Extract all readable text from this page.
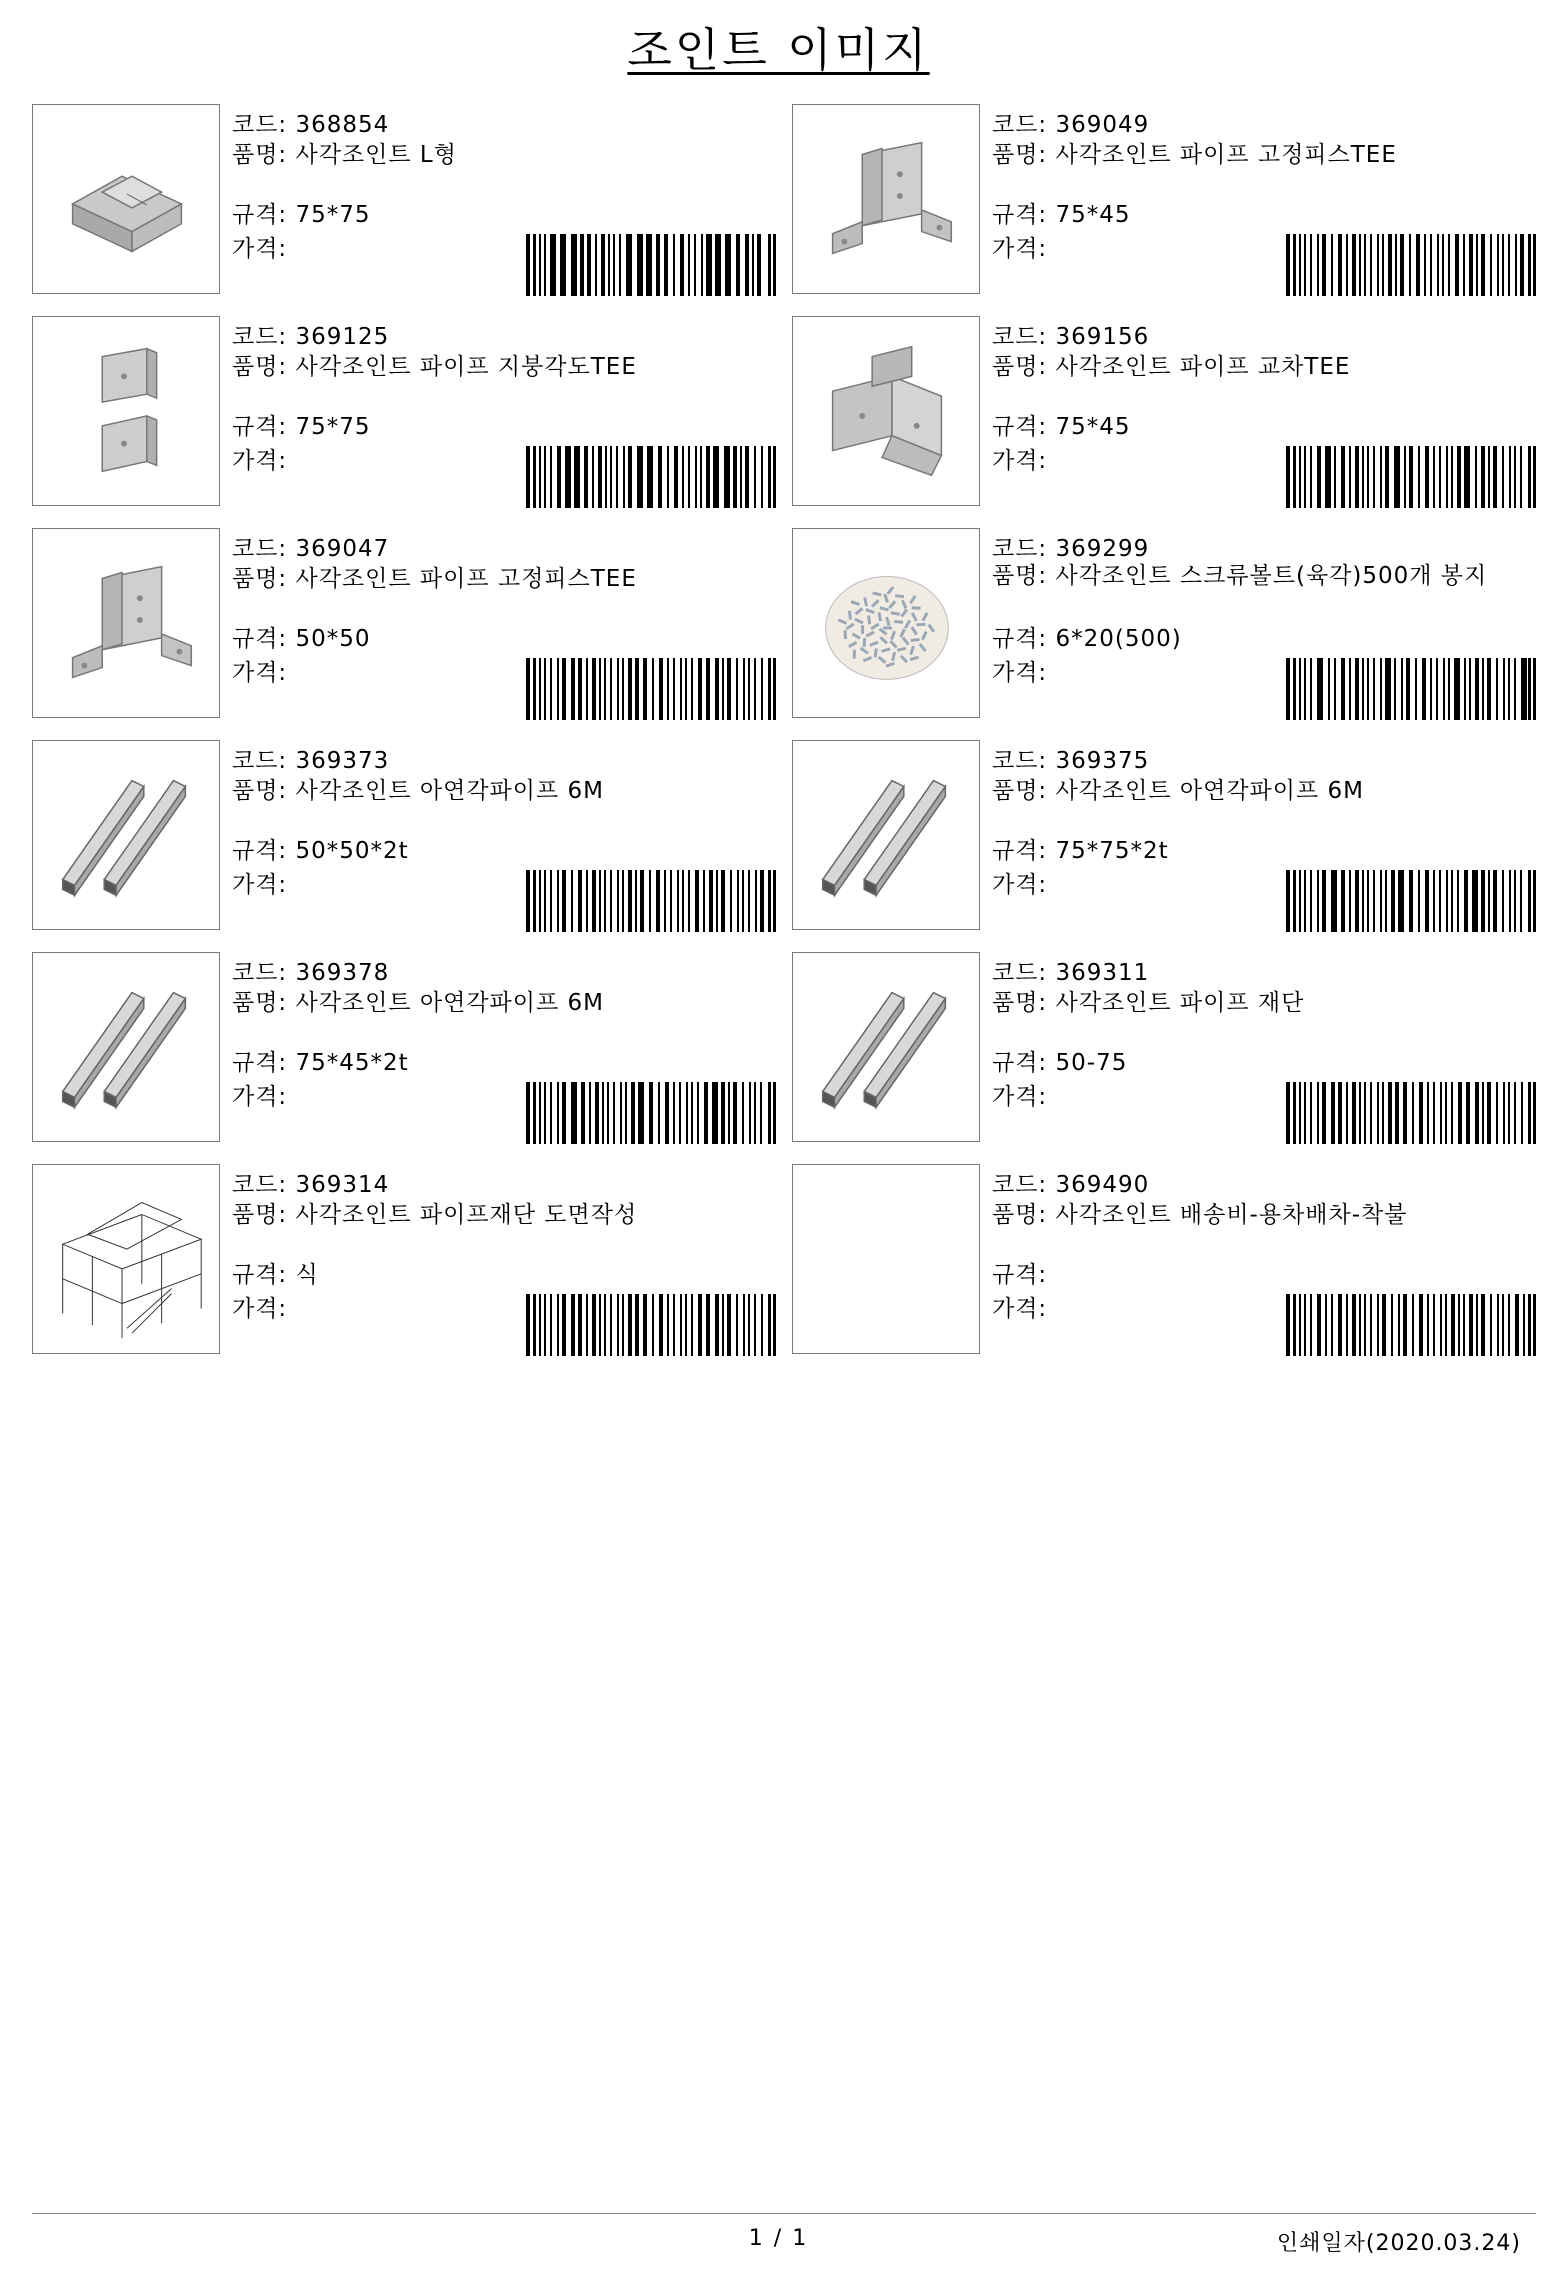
조인트 이미지
코드: 368854
품명: 사각조인트 L형
규격: 75*75
가격:
코드: 369049
품명: 사각조인트 파이프 고정피스TEE
규격: 75*45
가격:
코드: 369125
품명: 사각조인트 파이프 지붕각도TEE
규격: 75*75
가격:
코드: 369156
품명: 사각조인트 파이프 교차TEE
규격: 75*45
가격:
코드: 369047
품명: 사각조인트 파이프 고정피스TEE
규격: 50*50
가격:
코드: 369299
품명: 사각조인트 스크류볼트(육각)500개 봉지
규격: 6*20(500)
가격:
코드: 369373
품명: 사각조인트 아연각파이프 6M
규격: 50*50*2t
가격:
코드: 369375
품명: 사각조인트 아연각파이프 6M
규격: 75*75*2t
가격:
코드: 369378
품명: 사각조인트 아연각파이프 6M
규격: 75*45*2t
가격:
코드: 369311
품명: 사각조인트 파이프 재단
규격: 50-75
가격:
코드: 369314
품명: 사각조인트 파이프재단 도면작성
규격: 식
가격:
코드: 369490
품명: 사각조인트 배송비-용차배차-착불
규격:
가격:
1 / 1	인쇄일자(2020.03.24)
